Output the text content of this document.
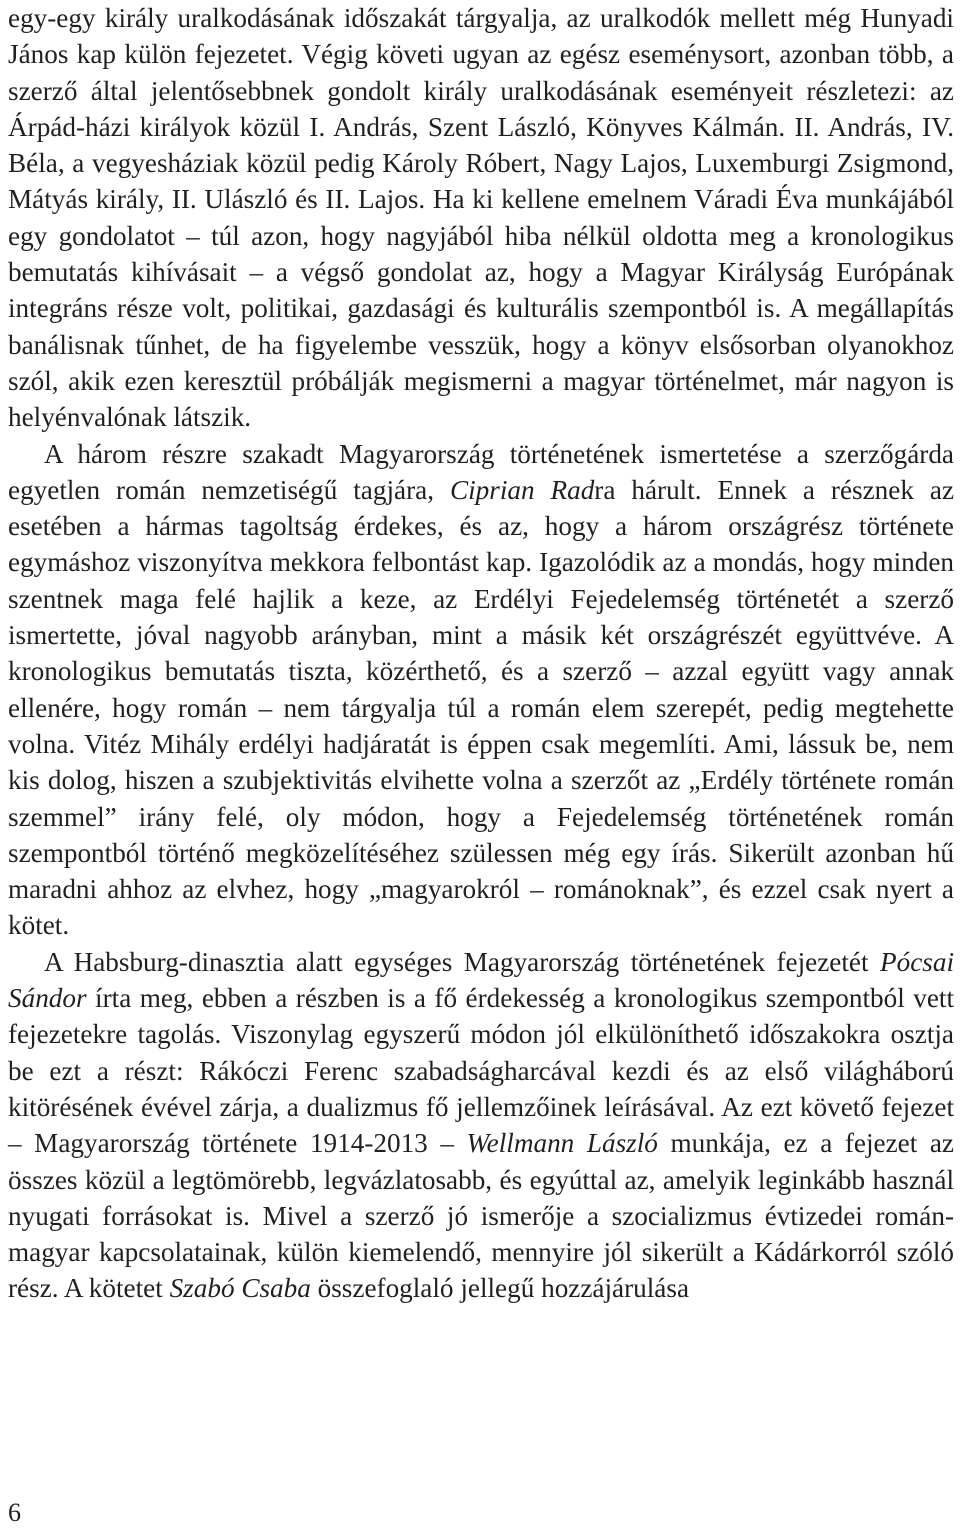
egy-egy király uralkodásának időszakát tárgyalja, az uralkodók mellett még Hunyadi János kap külön fejezetet. Végig követi ugyan az egész eseménysort, azonban több, a szerző által jelentősebbnek gondolt király uralkodásának eseményeit részletezi: az Árpád-házi királyok közül I. András, Szent László, Könyves Kálmán. II. András, IV. Béla, a vegyesháziak közül pedig Károly Róbert, Nagy Lajos, Luxemburgi Zsigmond, Mátyás király, II. Ulászló és II. Lajos. Ha ki kellene emelnem Váradi Éva munkájából egy gondolatot – túl azon, hogy nagyjából hiba nélkül oldotta meg a kronologikus bemutatás kihívásait – a végső gondolat az, hogy a Magyar Királyság Európának integráns része volt, politikai, gazdasági és kulturális szempontból is. A megállapítás banálisnak tűnhet, de ha figyelembe vesszük, hogy a könyv elsősorban olyanokhoz szól, akik ezen keresztül próbálják megismerni a magyar történelmet, már nagyon is helyénvalónak látszik.

A három részre szakadt Magyarország történetének ismertetése a szerzőgárda egyetlen román nemzetiségű tagjára, Ciprian Radra hárult. Ennek a résznek az esetében a hármas tagoltság érdekes, és az, hogy a három országrész története egymáshoz viszonyítva mekkora felbontást kap. Igazolódik az a mondás, hogy minden szentnek maga felé hajlik a keze, az Erdélyi Fejedelemség történetét a szerző ismertette, jóval nagyobb arányban, mint a másik két országrészét együttvéve. A kronologikus bemutatás tiszta, közérthető, és a szerző – azzal együtt vagy annak ellenére, hogy román – nem tárgyalja túl a román elem szerepét, pedig megtehette volna. Vitéz Mihály erdélyi hadjáratát is éppen csak megemlíti. Ami, lássuk be, nem kis dolog, hiszen a szubjektivitás elvihette volna a szerzőt az „Erdély története román szemmel” irány felé, oly módon, hogy a Fejedelemség történetének román szempontból történő megközelítéséhez szülessen még egy írás. Sikerült azonban hű maradni ahhoz az elvhez, hogy „magyarokról – románoknak”, és ezzel csak nyert a kötet.

A Habsburg-dinasztia alatt egységes Magyarország történetének fejezetét Pócsai Sándor írta meg, ebben a részben is a fő érdekesség a kronologikus szempontból vett fejezetekre tagolás. Viszonylag egyszerű módon jól elkülöníthető időszakokra osztja be ezt a részt: Rákóczi Ferenc szabadságharcával kezdi és az első világháború kitörésének évével zárja, a dualizmus fő jellemzőinek leírásával. Az ezt követő fejezet – Magyarország története 1914-2013 – Wellmann László munkája, ez a fejezet az összes közül a legtömörebb, legvázlatosabb, és egyúttal az, amelyik leginkább használ nyugati forrásokat is. Mivel a szerző jó ismerője a szocializmus évtizedei románmagyar kapcsolatainak, külön kiemelendő, mennyire jól sikerült a Kádárkorról szóló rész. A kötetet Szabó Csaba összefoglaló jellegű hozzájárulása

6
